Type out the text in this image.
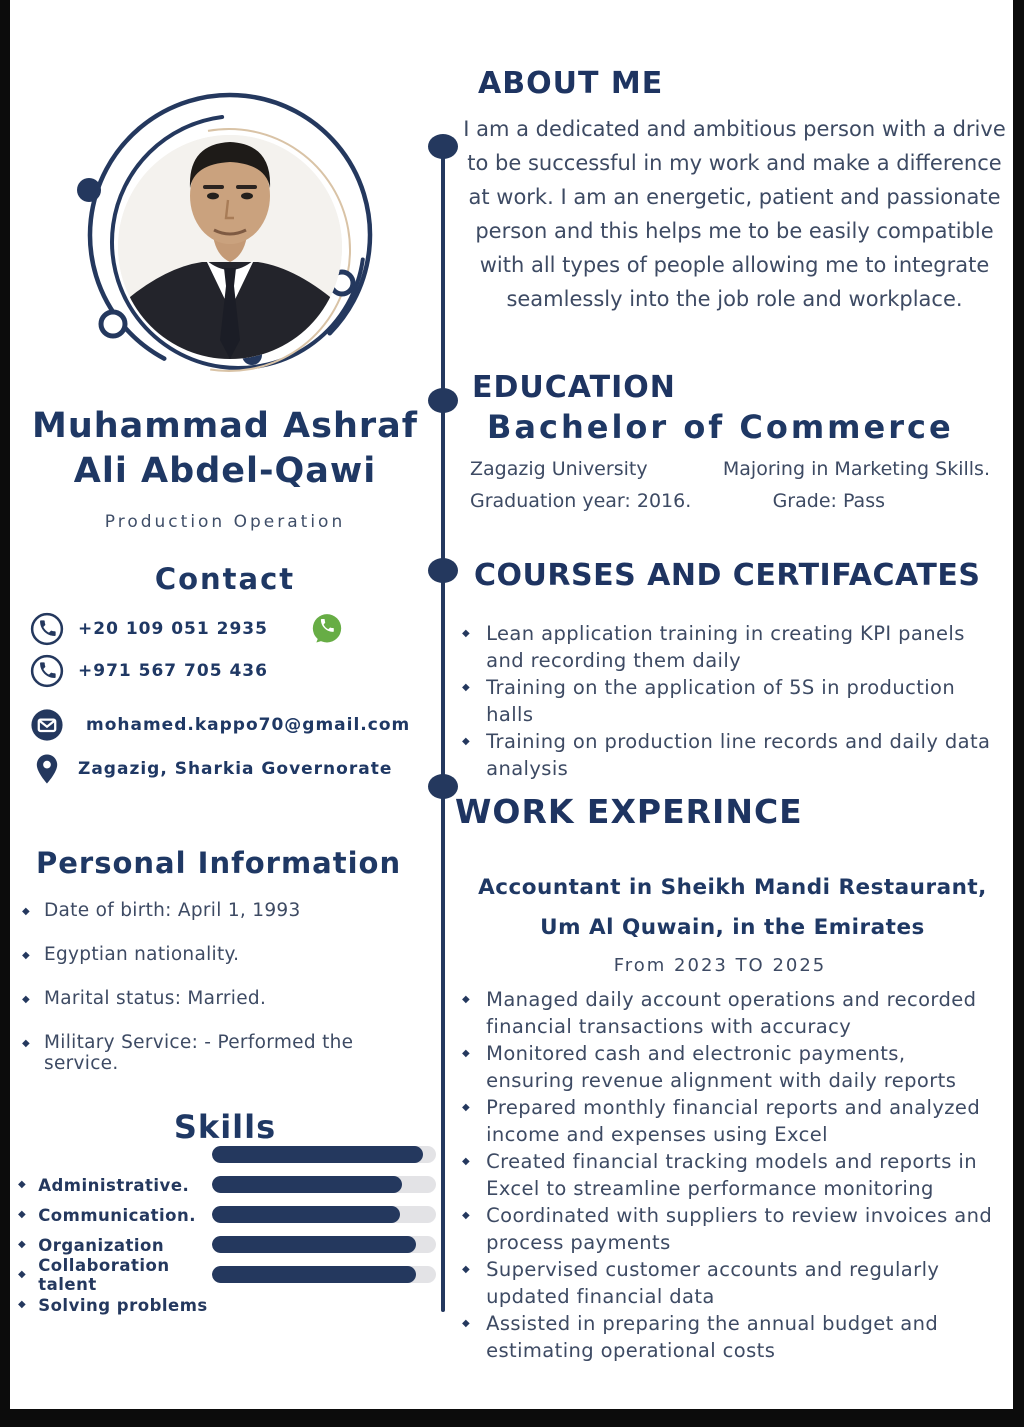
Muhammad Ashraf
Ali Abdel-Qawi
Production Operation
Contact
+20 109 051 2935
+971 567 705 436
mohamed.kappo70@gmail.com
Zagazig, Sharkia Governorate
Personal Information
◆ Date of birth: April 1, 1993
◆ Egyptian nationality.
◆ Marital status: Married.
◆ Military Service: - Performed the service.
Skills
◆ Administrative.
◆ Communication.
◆ Organization
◆ Collaboration talent
◆ Solving problems
ABOUT ME
I am a dedicated and ambitious person with a drive to be successful in my work and make a difference at work. I am an energetic, patient and passionate person and this helps me to be easily compatible with all types of people allowing me to integrate seamlessly into the job role and workplace.
EDUCATION
Bachelor of Commerce
Zagazig University	Majoring in Marketing Skills.
Graduation year: 2016.	Grade: Pass
COURSES AND CERTIFACATES
◆ Lean application training in creating KPI panels and recording them daily
◆ Training on the application of 5S in production halls
◆ Training on production line records and daily data analysis
WORK EXPERINCE
Accountant in Sheikh Mandi Restaurant,
Um Al Quwain, in the Emirates
From 2023 TO 2025
◆ Managed daily account operations and recorded financial transactions with accuracy
◆ Monitored cash and electronic payments, ensuring revenue alignment with daily reports
◆ Prepared monthly financial reports and analyzed income and expenses using Excel
◆ Created financial tracking models and reports in Excel to streamline performance monitoring
◆ Coordinated with suppliers to review invoices and process payments
◆ Supervised customer accounts and regularly updated financial data
◆ Assisted in preparing the annual budget and estimating operational costs
